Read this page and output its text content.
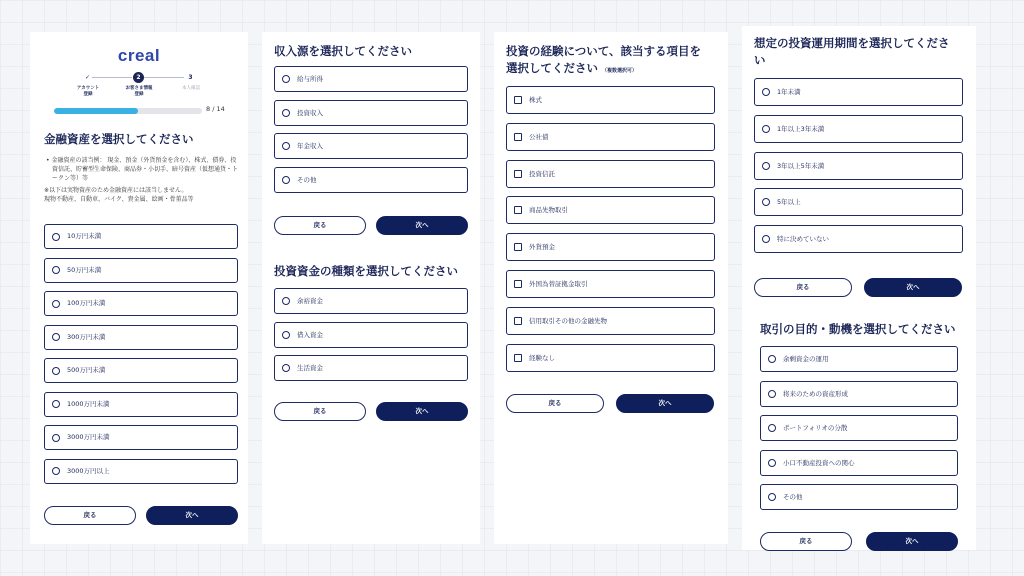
creal
✓	2	3
アカウント
登録
お客さま情報
登録
本人確認
8 / 14
金融資産を選択してください
• 金融資産の該当例： 現金、預金（外貨預金を含む）、株式、債券、投資信託、貯蓄型生命保険、商品券・小切手、暗号資産（仮想通貨・トークン等）等
※以下は実物資産のため金融資産には該当しません。
現物不動産、自動車、バイク、貴金属、絵画・骨董品等
10万円未満
50万円未満
100万円未満
300万円未満
500万円未満
1000万円未満
3000万円未満
3000万円以上
戻る	次へ
収入源を選択してください
給与所得
投資収入
年金収入
その他
戻る	次へ
投資資金の種類を選択してください
余裕資金
借入資金
生活資金
戻る	次へ
投資の経験について、該当する項目を
選択してください （複数選択可）
株式
公社債
投資信託
商品先物取引
外貨預金
外国為替証拠金取引
信用取引その他の金融先物
経験なし
戻る	次へ
想定の投資運用期間を選択してくださ
い
1年未満
1年以上3年未満
3年以上5年未満
5年以上
特に決めていない
戻る	次へ
取引の目的・動機を選択してください
余剰資金の運用
将来のための資産形成
ポートフォリオの分散
小口不動産投資への関心
その他
戻る	次へ
